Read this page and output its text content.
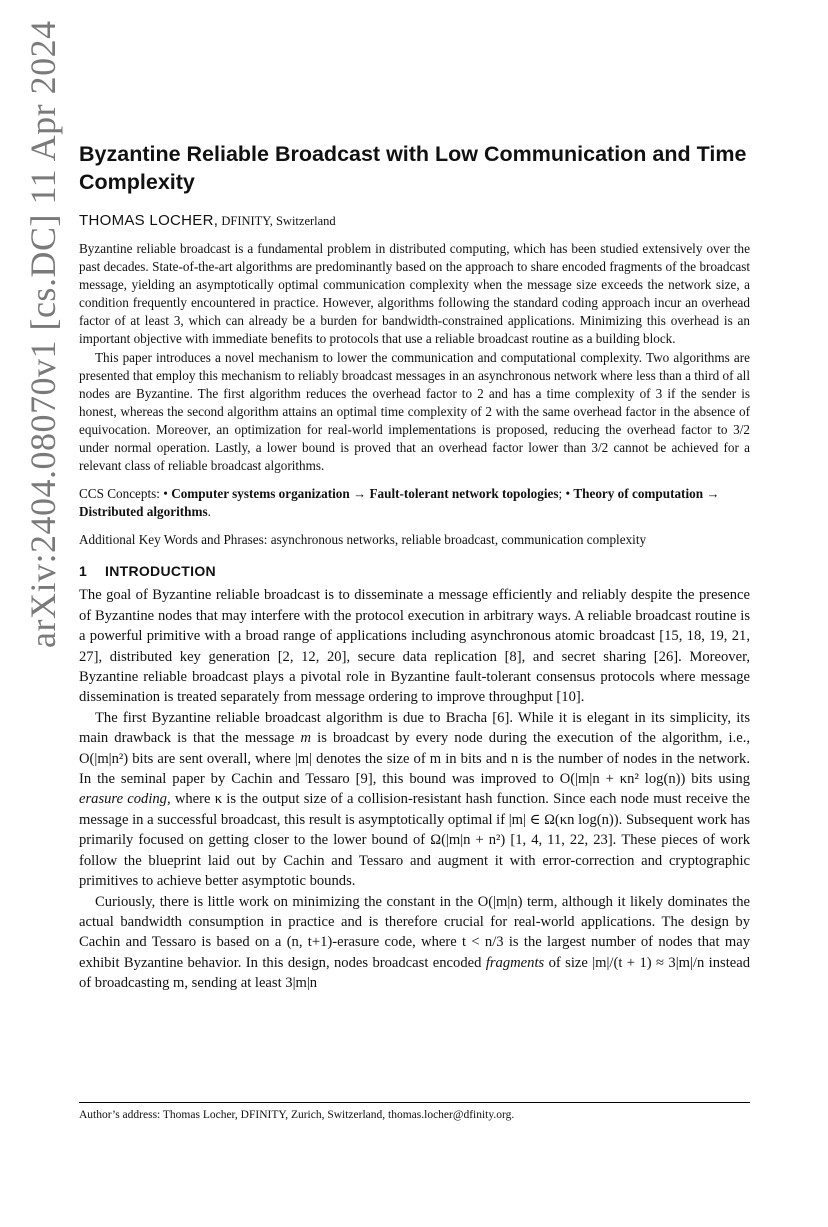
arXiv:2404.08070v1 [cs.DC] 11 Apr 2024 Byzantine Reliable Broadcast with Low Communication and Time Complexity
THOMAS LOCHER, DFINITY, Switzerland

Byzantine reliable broadcast is a fundamental problem in distributed computing, which has been studied extensively over the past decades. State-of-the-art algorithms are predominantly based on the approach to share encoded fragments of the broadcast message, yielding an asymptotically optimal communication complexity when the message size exceeds the network size, a condition frequently encountered in practice. However, algorithms following the standard coding approach incur an overhead factor of at least 3, which can already be a burden for bandwidth-constrained applications. Minimizing this overhead is an important objective with immediate benefits to protocols that use a reliable broadcast routine as a building block.

This paper introduces a novel mechanism to lower the communication and computational complexity. Two algorithms are presented that employ this mechanism to reliably broadcast messages in an asynchronous network where less than a third of all nodes are Byzantine. The first algorithm reduces the overhead factor to 2 and has a time complexity of 3 if the sender is honest, whereas the second algorithm attains an optimal time complexity of 2 with the same overhead factor in the absence of equivocation. Moreover, an optimization for real-world implementations is proposed, reducing the overhead factor to 3/2 under normal operation. Lastly, a lower bound is proved that an overhead factor lower than 3/2 cannot be achieved for a relevant class of reliable broadcast algorithms.

CCS Concepts: • Computer systems organization → Fault-tolerant network topologies; • Theory of computation → Distributed algorithms.
Additional Key Words and Phrases: asynchronous networks, reliable broadcast, communication complexity
1 INTRODUCTION

The goal of Byzantine reliable broadcast is to disseminate a message efficiently and reliably despite the presence of Byzantine nodes that may interfere with the protocol execution in arbitrary ways. A reliable broadcast routine is a powerful primitive with a broad range of applications including asynchronous atomic broadcast [15, 18, 19, 21, 27], distributed key generation [2, 12, 20], secure data replication [8], and secret sharing [26]. Moreover, Byzantine reliable broadcast plays a pivotal role in Byzantine fault-tolerant consensus protocols where message dissemination is treated separately from message ordering to improve throughput [10].

The first Byzantine reliable broadcast algorithm is due to Bracha [6]. While it is elegant in its simplicity, its main drawback is that the message m is broadcast by every node during the execution of the algorithm, i.e., O(|m|n²) bits are sent overall, where |m| denotes the size of m in bits and n is the number of nodes in the network. In the seminal paper by Cachin and Tessaro [9], this bound was improved to O(|m|n + κn² log(n)) bits using erasure coding, where κ is the output size of a collision-resistant hash function. Since each node must receive the message in a successful broadcast, this result is asymptotically optimal if |m| ∈ Ω(κn log(n)). Subsequent work has primarily focused on getting closer to the lower bound of Ω(|m|n + n²) [1, 4, 11, 22, 23]. These pieces of work follow the blueprint laid out by Cachin and Tessaro and augment it with error-correction and cryptographic primitives to achieve better asymptotic bounds.

Curiously, there is little work on minimizing the constant in the O(|m|n) term, although it likely dominates the actual bandwidth consumption in practice and is therefore crucial for real-world applications. The design by Cachin and Tessaro is based on a (n, t+1)-erasure code, where t < n/3 is the largest number of nodes that may exhibit Byzantine behavior. In this design, nodes broadcast encoded fragments of size |m|/(t + 1) ≈ 3|m|/n instead of broadcasting m, sending at least 3|m|n

Author’s address: Thomas Locher, DFINITY, Zurich, Switzerland, thomas.locher@dfinity.org.
